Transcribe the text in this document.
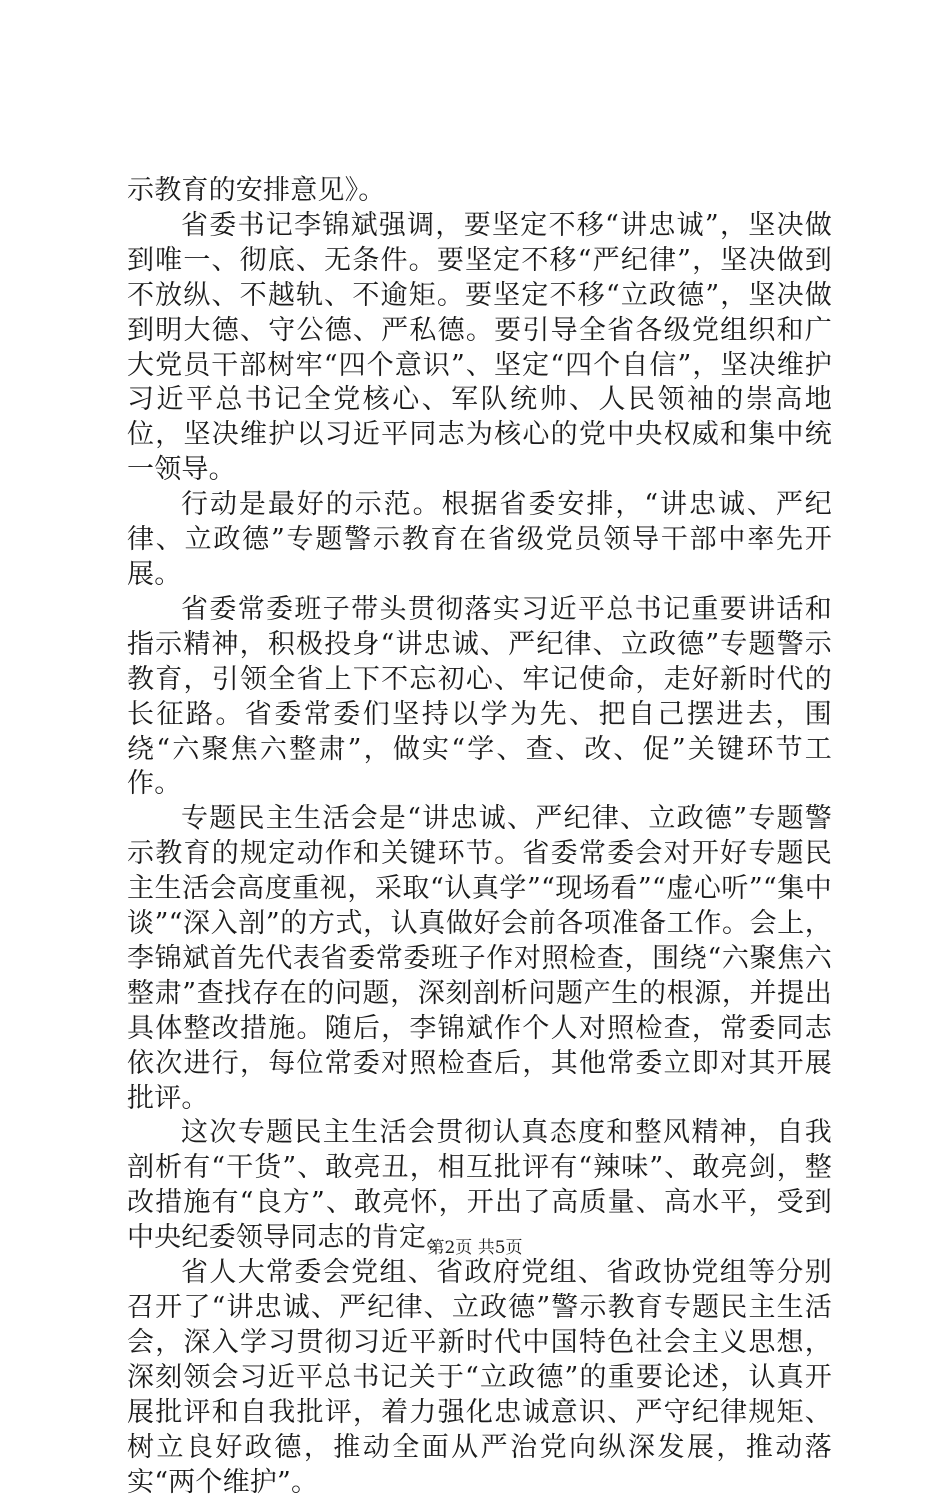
示教育的安排意见》。

省委书记李锦斌强调，要坚定不移“讲忠诚”，坚决做到唯一、彻底、无条件。要坚定不移“严纪律”，坚决做到不放纵、不越轨、不逾矩。要坚定不移“立政德”，坚决做到明大德、守公德、严私德。要引导全省各级党组织和广大党员干部树牢“四个意识”、坚定“四个自信”，坚决维护习近平总书记全党核心、军队统帅、人民领袖的崇高地位，坚决维护以习近平同志为核心的党中央权威和集中统一领导。

行动是最好的示范。根据省委安排，“讲忠诚、严纪律、立政德”专题警示教育在省级党员领导干部中率先开展。

省委常委班子带头贯彻落实习近平总书记重要讲话和指示精神，积极投身“讲忠诚、严纪律、立政德”专题警示教育，引领全省上下不忘初心、牢记使命，走好新时代的长征路。省委常委们坚持以学为先、把自己摆进去，围绕“六聚焦六整肃”，做实“学、查、改、促”关键环节工作。

专题民主生活会是“讲忠诚、严纪律、立政德”专题警示教育的规定动作和关键环节。省委常委会对开好专题民主生活会高度重视，采取“认真学”“现场看”“虚心听”“集中谈”“深入剖”的方式，认真做好会前各项准备工作。会上，李锦斌首先代表省委常委班子作对照检查，围绕“六聚焦六整肃”查找存在的问题，深刻剖析问题产生的根源，并提出具体整改措施。随后，李锦斌作个人对照检查，常委同志依次进行，每位常委对照检查后，其他常委立即对其开展批评。

这次专题民主生活会贯彻认真态度和整风精神，自我剖析有“干货”、敢亮丑，相互批评有“辣味”、敢亮剑，整改措施有“良方”、敢亮怀，开出了高质量、高水平，受到中央纪委领导同志的肯定。

省人大常委会党组、省政府党组、省政协党组等分别召开了“讲忠诚、严纪律、立政德”警示教育专题民主生活会，深入学习贯彻习近平新时代中国特色社会主义思想，深刻领会习近平总书记关于“立政德”的重要论述，认真开展批评和自我批评，着力强化忠诚意识、严守纪律规矩、树立良好政德，推动全面从严治党向纵深发展，推动落实“两个维护”。

第2页 共5页
